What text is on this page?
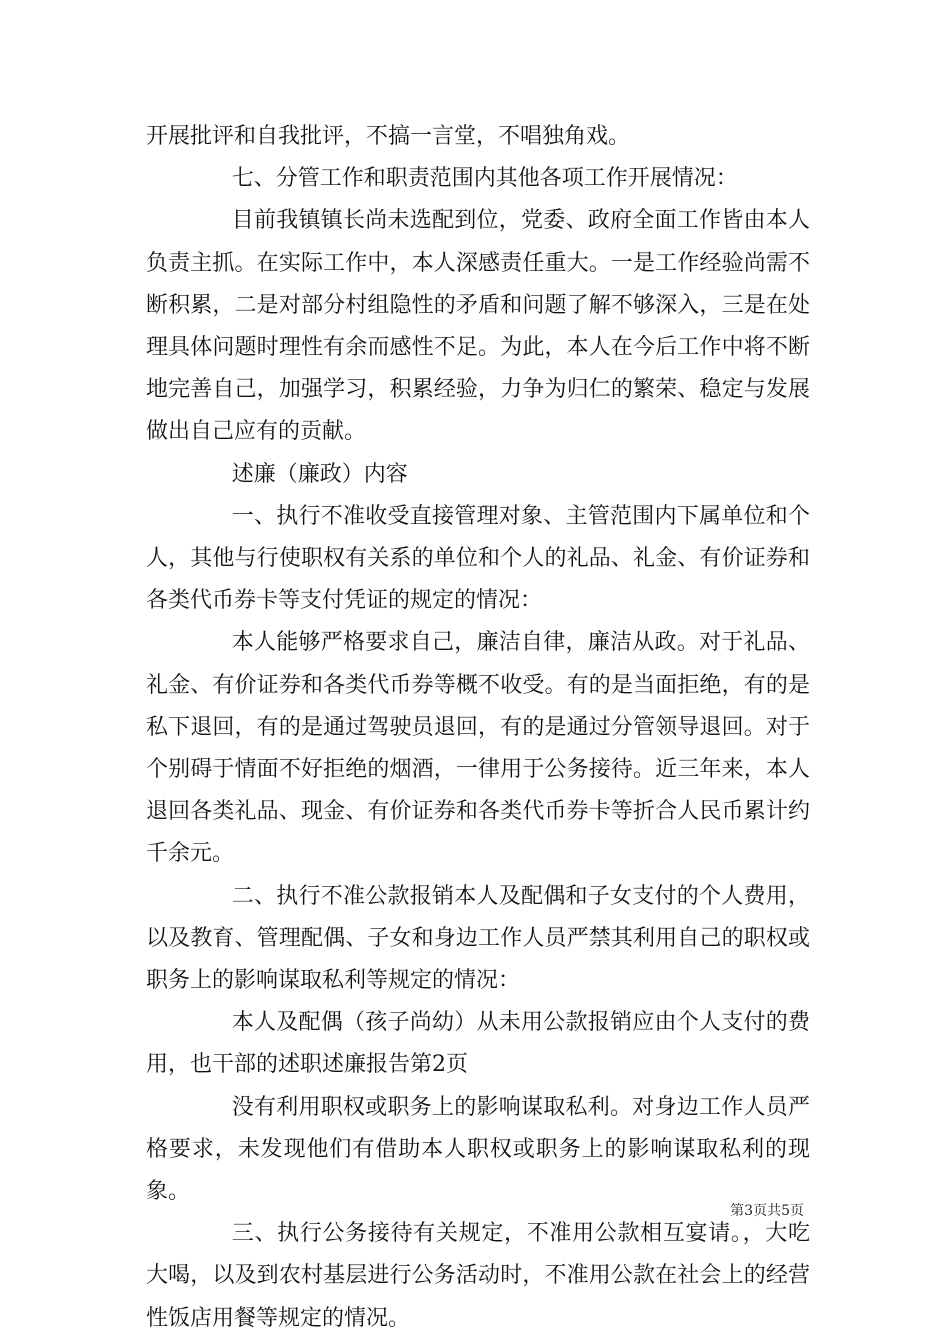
开展批评和自我批评，不搞一言堂，不唱独角戏。

七、分管工作和职责范围内其他各项工作开展情况：

目前我镇镇长尚未选配到位，党委、政府全面工作皆由本人负责主抓。在实际工作中，本人深感责任重大。一是工作经验尚需不断积累，二是对部分村组隐性的矛盾和问题了解不够深入，三是在处理具体问题时理性有余而感性不足。为此，本人在今后工作中将不断地完善自己，加强学习，积累经验，力争为归仁的繁荣、稳定与发展做出自己应有的贡献。

述廉（廉政）内容

一、执行不准收受直接管理对象、主管范围内下属单位和个人，其他与行使职权有关系的单位和个人的礼品、礼金、有价证券和各类代币券卡等支付凭证的规定的情况：

本人能够严格要求自己，廉洁自律，廉洁从政。对于礼品、礼金、有价证券和各类代币券等概不收受。有的是当面拒绝，有的是私下退回，有的是通过驾驶员退回，有的是通过分管领导退回。对于个别碍于情面不好拒绝的烟酒，一律用于公务接待。近三年来，本人退回各类礼品、现金、有价证券和各类代币券卡等折合人民币累计约千余元。

二、执行不准公款报销本人及配偶和子女支付的个人费用，以及教育、管理配偶、子女和身边工作人员严禁其利用自己的职权或职务上的影响谋取私利等规定的情况：

本人及配偶（孩子尚幼）从未用公款报销应由个人支付的费用，也干部的述职述廉报告第2页

没有利用职权或职务上的影响谋取私利。对身边工作人员严格要求，未发现他们有借助本人职权或职务上的影响谋取私利的现象。

三、执行公务接待有关规定，不准用公款相互宴请。，大吃大喝，以及到农村基层进行公务活动时，不准用公款在社会上的经营性饭店用餐等规定的情况。

第3页共5页
